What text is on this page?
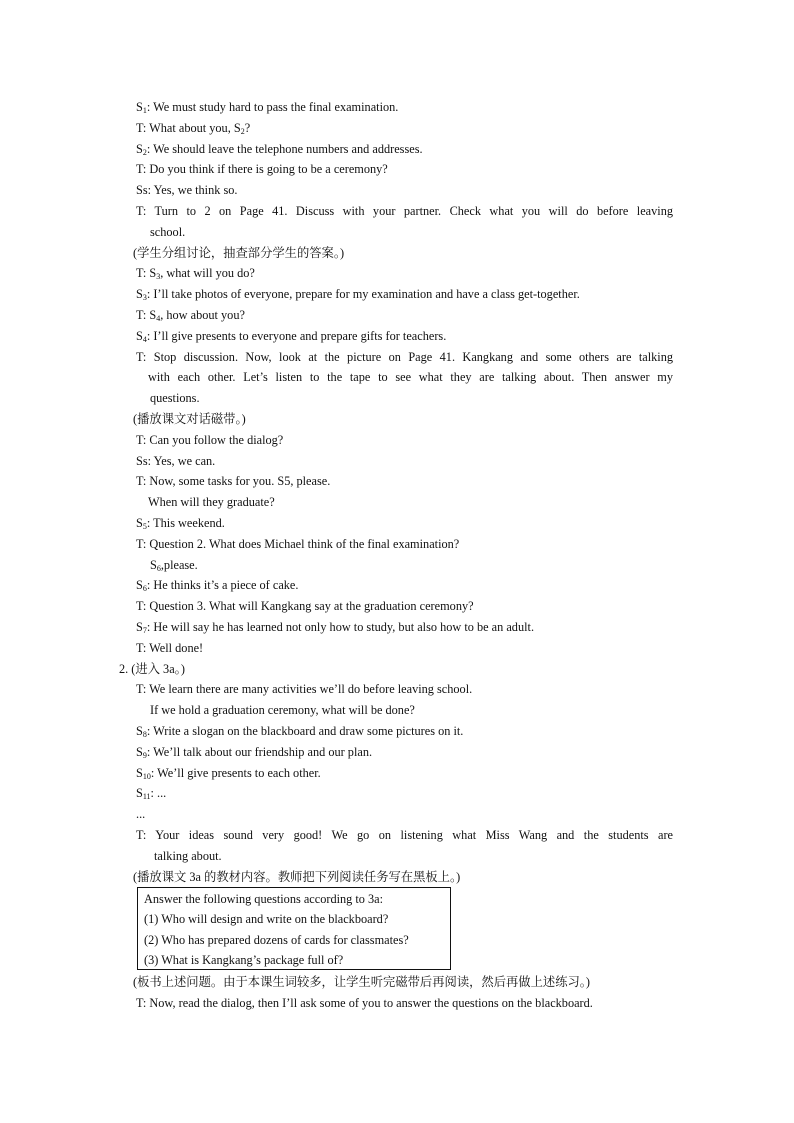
$S_1$: We must study hard to pass the final examination.
T: What about you, $S_2$?
$S_2$: We should leave the telephone numbers and addresses.
T: Do you think if there is going to be a ceremony?
Ss: Yes, we think so.
T: Turn to 2 on Page 41. Discuss with your partner. Check what you will do before leaving
school.
(学生分组讨论，抽查部分学生的答案。)
T: $S_3$, what will you do?
$S_3$: I’ll take photos of everyone, prepare for my examination and have a class get-together.
T: $S_4$, how about you?
$S_4$: I’ll give presents to everyone and prepare gifts for teachers.
T: Stop discussion. Now, look at the picture on Page 41. Kangkang and some others are talking
with each other. Let’s listen to the tape to see what they are talking about. Then answer my
questions.
(播放课文对话磁带。)
T: Can you follow the dialog?
Ss: Yes, we can.
T: Now, some tasks for you. S5, please.
When will they graduate?
$S_5$: This weekend.
T: Question 2. What does Michael think of the final examination?
$S_6,please$.
$S_6$: He thinks it’s a piece of cake.
T: Question 3. What will Kangkang say at the graduation ceremony?
$S_7$: He will say he has learned not only how to study, but also how to be an adult.
T: Well done!
2. (进入 3a。)
T: We learn there are many activities we’ll do before leaving school.
If we hold a graduation ceremony, what will be done?
$S_8$: Write a slogan on the blackboard and draw some pictures on it.
$S_9$: We’ll talk about our friendship and our plan.
$S_{10}$: We’ll give presents to each other.
$S_{11}$: ...
...
T: Your ideas sound very good! We go on listening what Miss Wang and the students are
talking about.
(播放课文 3a 的教材内容。教师把下列阅读任务写在黑板上。)
Answer the following questions according to 3a:
(1) Who will design and write on the blackboard?
(2) Who has prepared dozens of cards for classmates?
(3) What is Kangkang’s package full of?
(板书上述问题。由于本课生词较多，让学生听完磁带后再阅读，然后再做上述练习。)
T: Now, read the dialog, then I’ll ask some of you to answer the questions on the blackboard.
